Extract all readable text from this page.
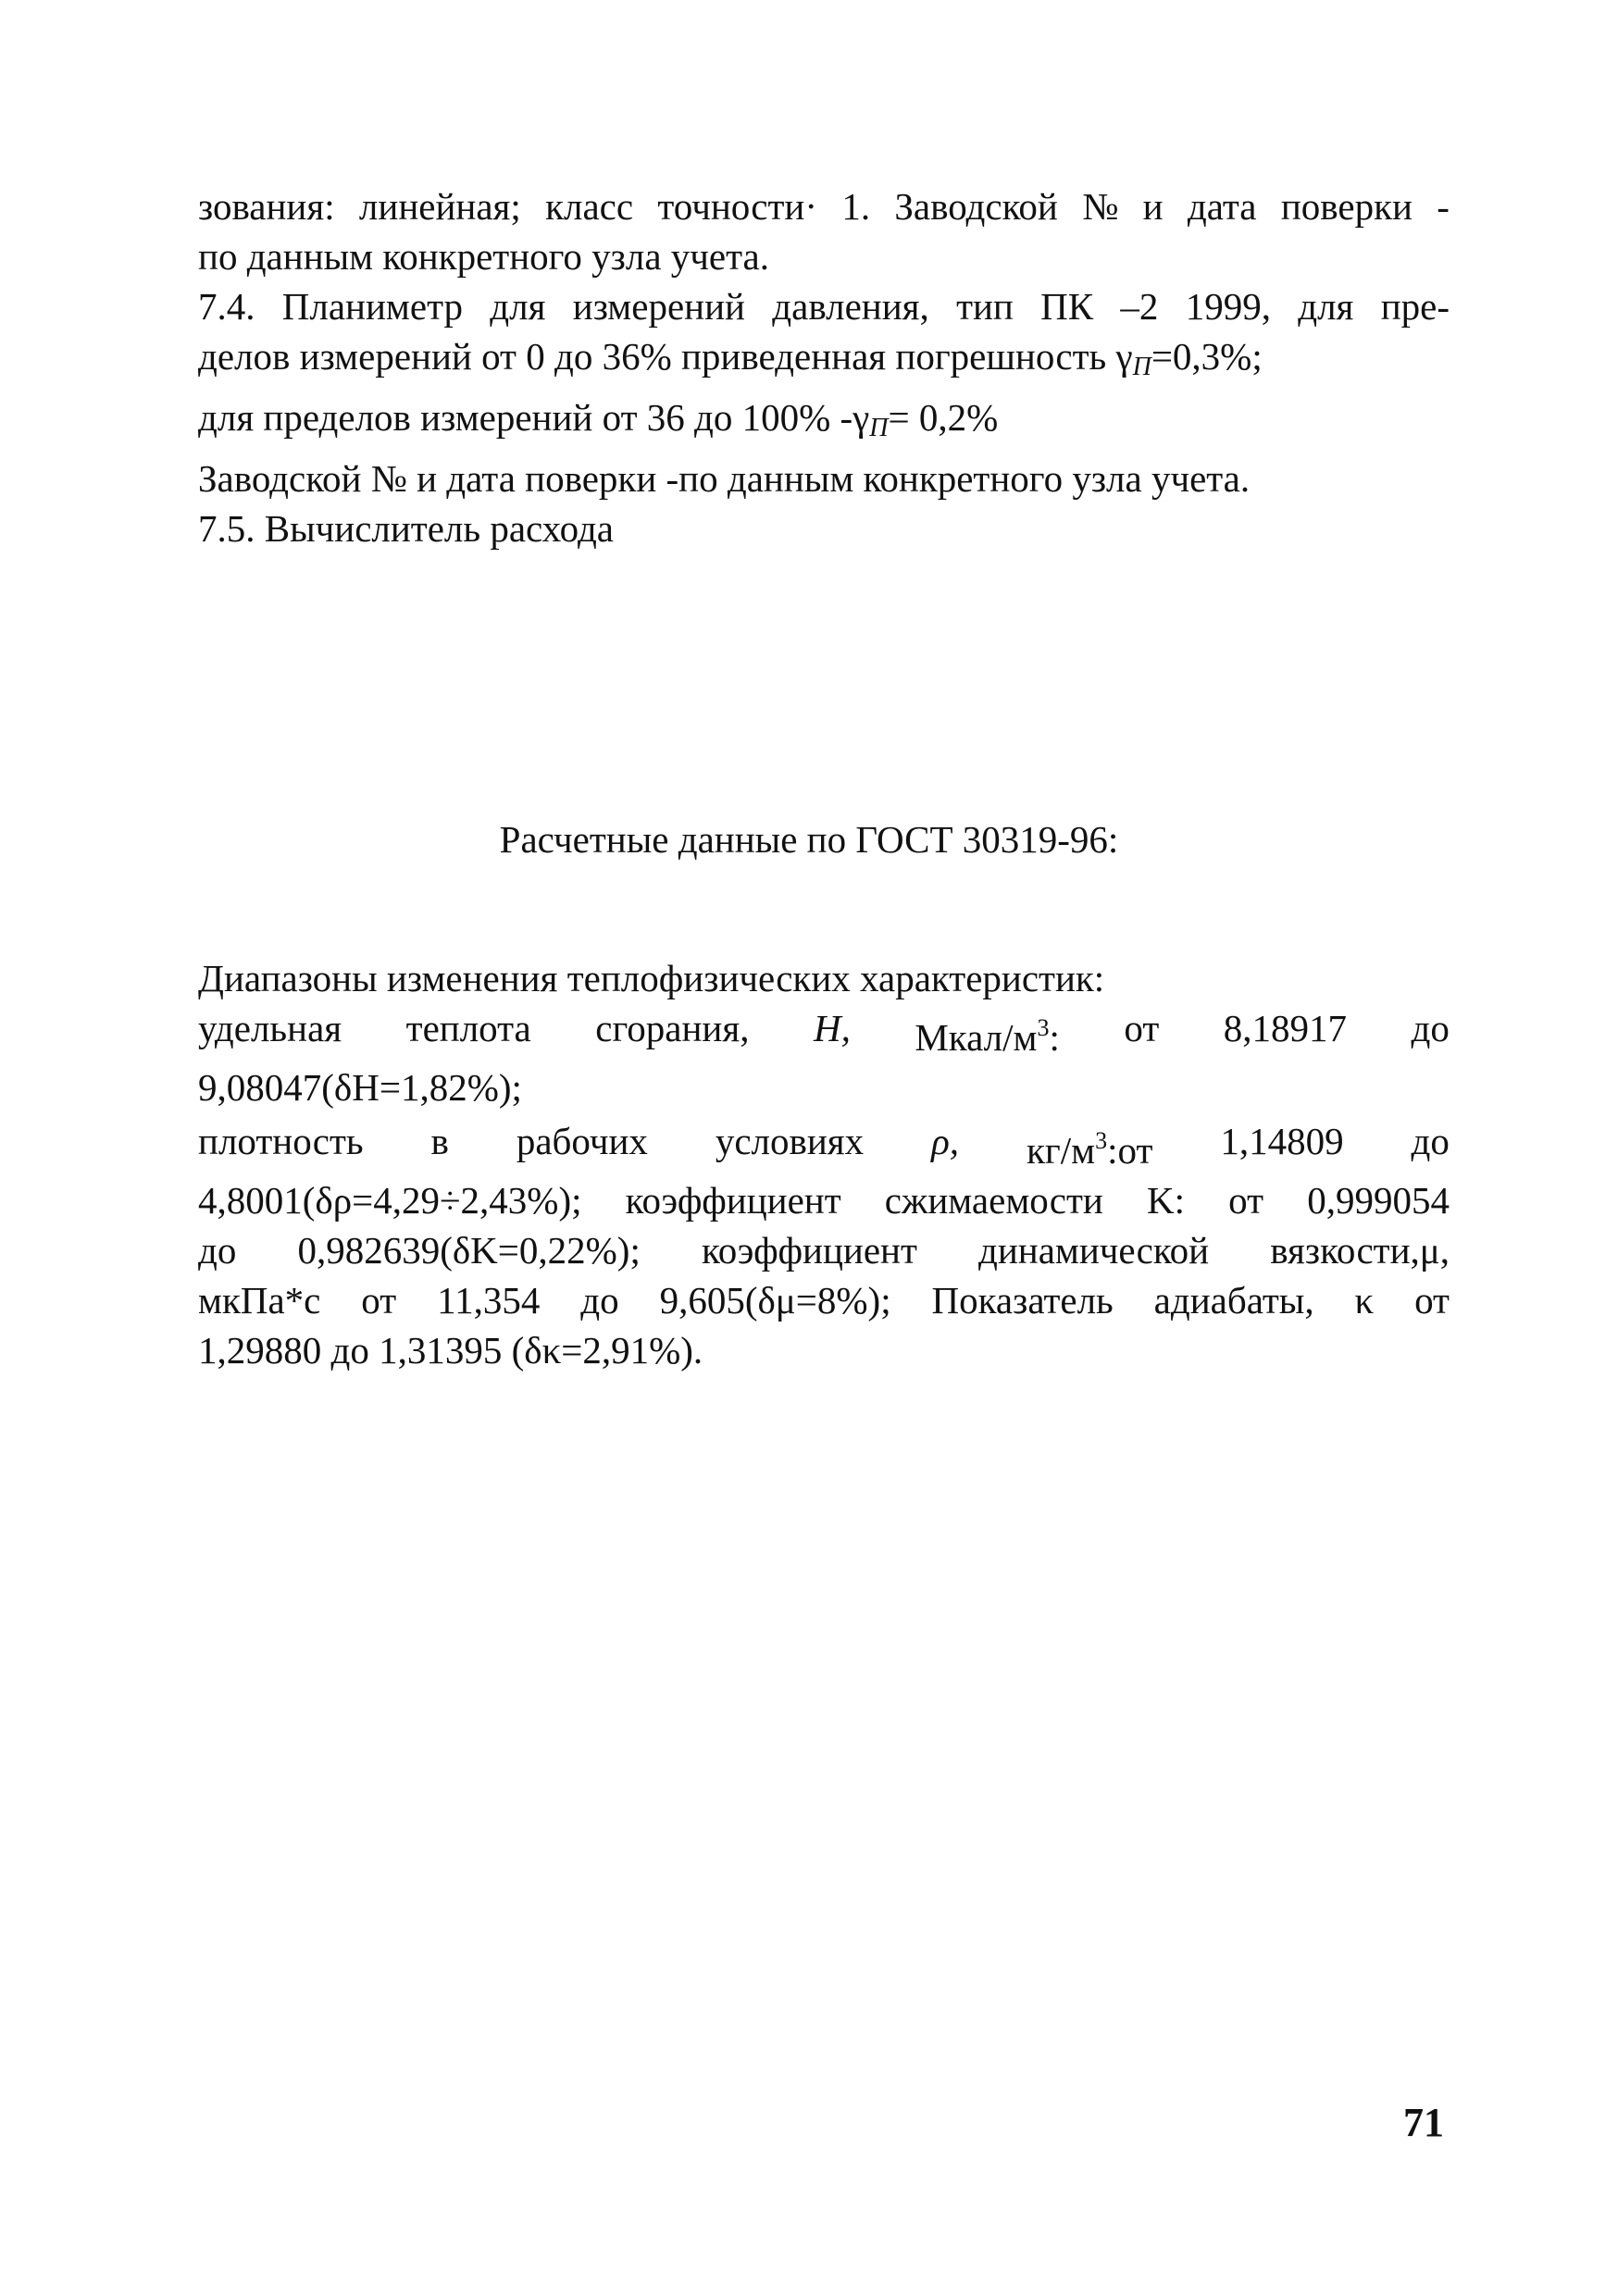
зования: линейная; класс точности· 1. Заводской № и дата поверки -
по данным конкретного узла учета.
7.4. Планиметр для измерений давления, тип ПК –2 1999, для пре-
делов измерений от 0 до 36% приведенная погрешность $\gamma_П=0,3\%$;
для пределов измерений от 36 до 100% $-\gamma_П= 0,2\%$
Заводской № и дата поверки -по данным конкретного узла учета.
7.5. Вычислитель расхода
Расчетные данные по ГОСТ 30319-96:
Диапазоны изменения теплофизических характеристик:
удельная теплота сгорания, H, Мкал/$м^3$: от 8,18917 до
9,08047(δH=1,82%);
плотность в рабочих условиях ρ, $кг/м^3:от$ 1,14809 до
4,8001(δρ=4,29÷2,43%); коэффициент сжимаемости K: от 0,999054
до 0,982639(δK=0,22%); коэффициент динамической вязкости,μ,
мкПа*с от 11,354 до 9,605(δμ=8%); Показатель адиабаты, κ от
1,29880 до 1,31395 (δκ=2,91%).
71
